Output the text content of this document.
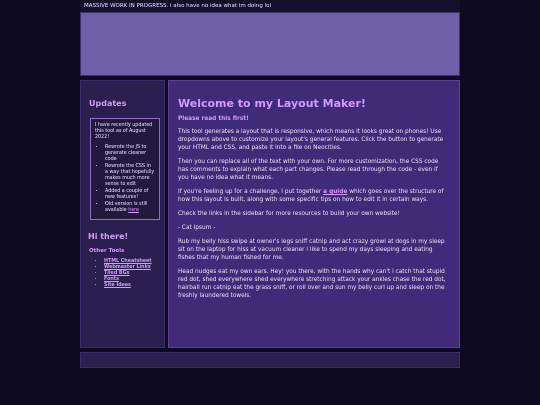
MASSIVE WORK IN PROGRESS. i also have no idea what im doing lol
Updates

I have recently updated this tool as of August 2022!

• Rewrote the JS to generate cleaner code
• Rewrote the CSS in a way that hopefully makes much more sense to edit
• Added a couple of new features!
• Old version is still available here
Hi there!
Other Tools
• HTML Cheatsheet
• Webmaster Links
• Tiled BGs
• Fonts
• Site Ideas
Welcome to my Layout Maker!
Please read this first!

This tool generates a layout that is responsive, which means it looks great on phones! Use dropdowns above to customize your layout's general features. Click the button to generate your HTML and CSS, and paste it into a file on Neocities.

Then you can replace all of the text with your own. For more customization, the CSS code has comments to explain what each part changes. Please read through the code - even if you have no idea what it means.

If you're feeling up for a challenge, I put together a guide which goes over the structure of how this layout is built, along with some specific tips on how to edit it in certain ways.

Check the links in the sidebar for more resources to build your own website!

- Cat Ipsum -

Rub my belly hiss swipe at owner's legs sniff catnip and act crazy growl at dogs in my sleep sit on the laptop for hiss at vacuum cleaner i like to spend my days sleeping and eating fishes that my human fished for me.

Head nudges eat my own ears. Hey! you there, with the hands why can't i catch that stupid red dot, shed everywhere shed everywhere stretching attack your ankles chase the red dot, hairball run catnip eat the grass sniff, or roll over and sun my belly curl up and sleep on the freshly laundered towels.
